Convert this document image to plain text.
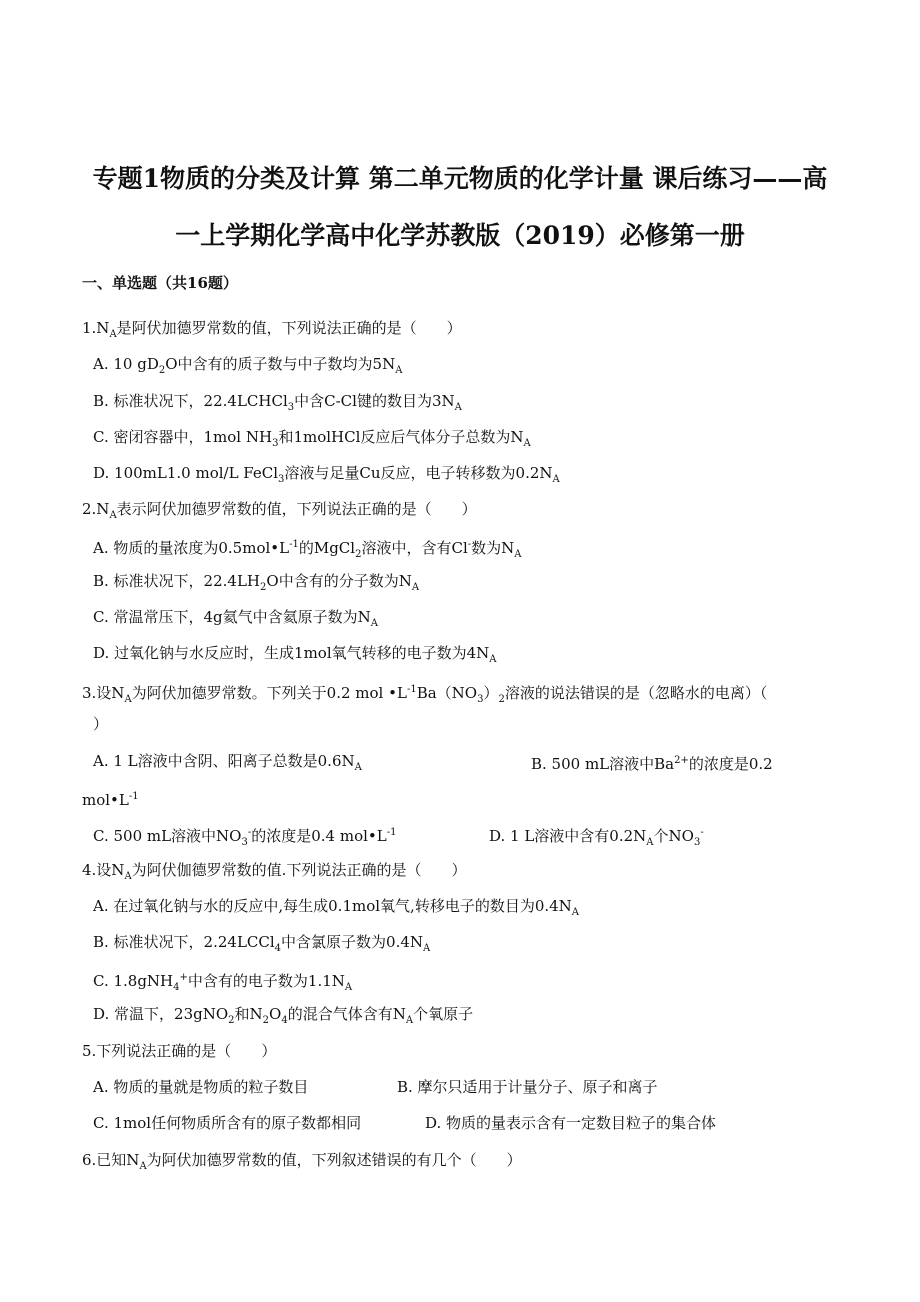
专题1物质的分类及计算 第二单元物质的化学计量 课后练习——高
一上学期化学高中化学苏教版（2019）必修第一册
一、单选题（共16题）
$1.N_A$是阿伏加德罗常数的值，下列说法正确的是（　　）
A. 10 $gD_2O$中含有的质子数与中子数均为$5N_A$
B. 标准状况下，22.4LCHCl$_3$中含C-Cl键的数目为$3N_A$
C. 密闭容器中，1mol $NH_3$和1molHCl反应后气体分子总数为$N_A$
D. 100mL1.0 mol/L FeCl$_3$溶液与足量Cu反应，电子转移数为$0.2N_A$
$2.N_A$表示阿伏加德罗常数的值，下列说法正确的是（　　）
A. 物质的量浓度为$0.5mol•L^{-1}$的MgCl$_2$溶液中，含有Cl-数为$N_A$
B. 标准状况下，$22.4LH_2O$中含有的分子数为$N_A$
C. 常温常压下，4g氦气中含氦原子数为$N_A$
D. 过氧化钠与水反应时，生成1mol氧气转移的电子数为$4N_A$
3.设$N_A$为阿伏加德罗常数。下列关于0.2 mol $•L^{-1}Ba(NO_3)_2$溶液的说法错误的是（忽略水的电离）（
）
A. 1 L溶液中含阴、阳离子总数是$0.6N_A$	B. 500 mL溶液中$Ba^{2+}$的浓度是0.2
$mol•L^{-1}$
C. 500 mL溶液中$NO_3^-$的浓度是0.4 $mol•L^{-1}$	D. 1 L溶液中含有$0.2N_A$个$NO_3^-$
4.设$N_A$为阿伏伽德罗常数的值.下列说法正确的是（　　）
A. 在过氧化钠与水的反应中,每生成0.1mol氧气,转移电子的数目为$0.4N_A$
B. 标准状况下，2.24LCCl$_4$中含氯原子数为$0.4N_A$
C. 1.8gNH$_4$+中含有的电子数为$1.1N_A$
D. 常温下，23gNO$_2$和$N_2O_4$的混合气体含有$N_A$个氧原子
5.下列说法正确的是（　　）
A. 物质的量就是物质的粒子数目	B. 摩尔只适用于计量分子、原子和离子
C. 1mol任何物质所含有的原子数都相同	D. 物质的量表示含有一定数目粒子的集合体
6.已知$N_A$为阿伏加德罗常数的值，下列叙述错误的有几个（　　）
